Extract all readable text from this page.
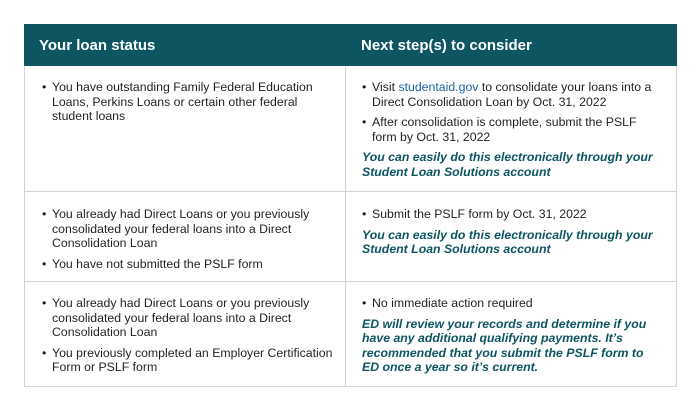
Your loan status	Next step(s) to consider

• You have outstanding Family Federal Education Loans, Perkins Loans or certain other federal student loans

• Visit studentaid.gov to consolidate your loans into a Direct Consolidation Loan by Oct. 31, 2022

• After consolidation is complete, submit the PSLF form by Oct. 31, 2022

You can easily do this electronically through your Student Loan Solutions account

• You already had Direct Loans or you previously consolidated your federal loans into a Direct Consolidation Loan

• You have not submitted the PSLF form

• Submit the PSLF form by Oct. 31, 2022

You can easily do this electronically through your Student Loan Solutions account

• You already had Direct Loans or you previously consolidated your federal loans into a Direct Consolidation Loan

• You previously completed an Employer Certification Form or PSLF form

• No immediate action required

ED will review your records and determine if you have any additional qualifying payments. It’s recommended that you submit the PSLF form to ED once a year so it’s current.
